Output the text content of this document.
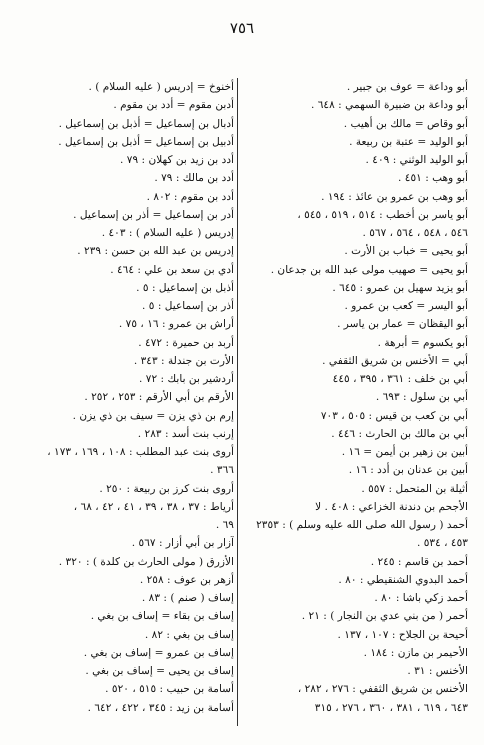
٧٥٦
أبو وداعة = عوف بن جبير .
أبو وداعة بن ضبيرة السهمي : ٦٤٨ .
أبو وقاص = مالك بن أهيب .
أبو الوليد = عتبة بن ربيعة .
أبو الوليد الوثني : ٤٠٩ .
أبو وهب : ٤٥١ .
أبو وهب بن عمرو بن عائذ : ١٩٤ .
أبو ياسر بن أخطب : ٥١٤ ، ٥١٩ ، ٥٤٥ ،
٥٤٦ ، ٥٤٨ ، ٥٦٤ ، ٥٦٧ .
أبو يحيى = خباب بن الأرت .
أبو يحيى = صهيب مولى عبد الله بن جدعان .
أبو يزيد سهيل بن عمرو : ٦٤٥ .
أبو اليسر = كعب بن عمرو .
أبو اليقظان = عمار بن ياسر .
أبو يكسوم = أبرهة .
أبي = الأخنس بن شريق الثقفي .
أبي بن خلف : ٣٦١ ، ٣٩٥ ، ٤٤٥
أبي بن سلول : ٦٩٣ .
أبي بن كعب بن قيس : ٥٠٥ ، ٧٠٣
أبي بن مالك بن الحارث : ٤٤٦ .
أبين بن زهير بن أيمن = ١٦ .
أبين بن عدنان بن أدد : ١٦ .
أثيلة بن المتحمل : ٥٥٧ .
الأجحم بن دندنة الخزاعي : ٤٠٨ . لا
أحمد ( رسول الله صلى الله عليه وسلم ) : ٢٣٥٣
٤٥٣ ، ٥٣٤ .
أحمد بن قاسم : ٢٤٥ .
أحمد البدوي الشنقيطي : ٨٠ .
أحمد زكي باشا : ٨٠ .
أحمر ( من بني عدي بن النجار ) : ٢١ .
أحيحة بن الجلاح : ١٠٧ ، ١٣٧ .
الأحيمر بن مازن : ١٨٤ .
الأخنس : ٣١ .
الأخنس بن شريق الثقفي : ٢٧٦ ، ٢٨٢ ،
٦٤٣ ، ٦١٩ ، ٣٨١ ، ٣٦٠ ، ٢٧٦ ، ٣١٥
أخنوخ = إدريس ( عليه السلام ) .
أدبن مقوم = أدد بن مقوم .
أدبال بن إسماعيل = أذبل بن إسماعيل .
أدبيل بن إسماعيل = أذبل بن إسماعيل .
أدد بن زيد بن كهلان : ٧٩ .
أدد بن مالك : ٧٩ .
أدد بن مقوم : ٨٠٢ .
أدر بن إسماعيل = أذر بن إسماعيل .
إدريس ( عليه السلام ) : ٤٠٣ .
إدريس بن عبد الله بن حسن : ٢٣٩ .
أدي بن سعد بن علي : ٤٦٤ .
أذبل بن إسماعيل : ٥ .
أذر بن إسماعيل : ٥ .
أراش بن عمرو : ١٦ ، ٧٥ .
أربد بن حميرة : ٤٧٢ .
الأرت بن جندلة : ٣٤٣ .
أردشير بن بابك : ٧٢ .
الأرقم بن أبي الأرقم : ٢٥٣ ، ٢٥٢ .
إرم بن ذي يزن = سيف بن ذي يزن .
إرنب بنت أسد : ٢٨٣ .
أروى بنت عبد المطلب : ١٠٨ ، ١٦٩ ، ١٧٣ ،
٣٦٦ .
أروى بنت كرز بن ربيعة : ٢٥٠ .
أرياط : ٣٧ ، ٣٨ ، ٣٩ ، ٤١ ، ٤٢ ، ٦٨ ،
٦٩ .
آزار بن أبي أزار : ٥٦٧ .
الأزرق ( مولى الحارث بن كلدة ) : ٣٢٠ .
أزهر بن عوف : ٢٥٨ .
إساف ( صنم ) : ٨٣ .
إساف بن بقاء = إساف بن بغي .
إساف بن بغي : ٨٢ .
إساف بن عمرو = إساف بن بغي .
إساف بن يحيى = إساف بن بغي .
أسامة بن حبيب : ٥١٥ ، ٥٢٠ .
أسامة بن زيد : ٣٤٥ ، ٤٢٢ ، ٦٤٢ .
